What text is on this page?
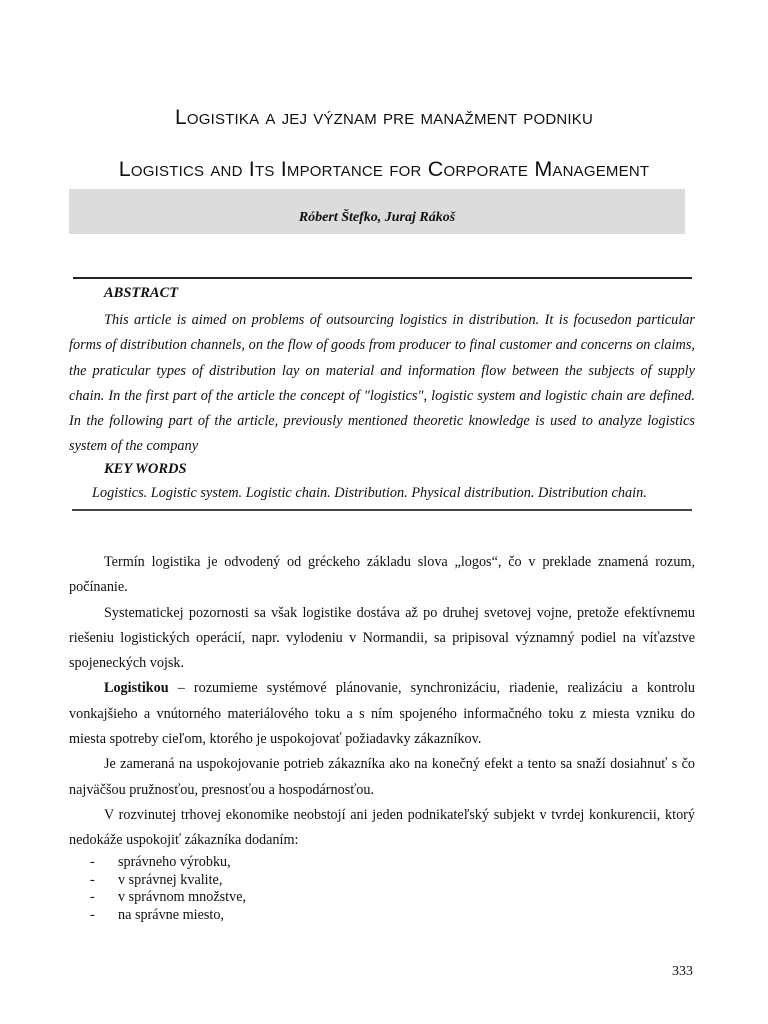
Logistika a jej význam pre manažment podniku
Logistics and Its Importance for Corporate Management
Róbert Štefko, Juraj Rákoš
ABSTRACT
This article is aimed on problems of outsourcing logistics in distribution. It is focusedon particular forms of distribution channels, on the flow of goods from producer to final customer and concerns on claims, the praticular types of distribution lay on material and information flow between the subjects of supply chain. In the first part of the article the concept of "logistics", logistic system and logistic chain are defined. In the following part of the article, previously mentioned theoretic knowledge is used to analyze logistics system of the company
KEY WORDS
Logistics. Logistic system. Logistic chain. Distribution. Physical distribution. Distribution chain.

Termín logistika je odvodený od gréckeho základu slova „logos“, čo v preklade znamená rozum, počínanie.

Systematickej pozornosti sa však logistike dostáva až po druhej svetovej vojne, pretože efektívnemu riešeniu logistických operácií, napr. vylodeniu v Normandii, sa pripisoval významný podiel na víťazstve spojeneckých vojsk.

Logistikou – rozumieme systémové plánovanie, synchronizáciu, riadenie, realizáciu a kontrolu vonkajšieho a vnútorného materiálového toku a s ním spojeného informačného toku z miesta vzniku do miesta spotreby cieľom, ktorého je uspokojovať požiadavky zákazníkov.

Je zameraná na uspokojovanie potrieb zákazníka ako na konečný efekt a tento sa snaží dosiahnuť s čo najväčšou pružnosťou, presnosťou a hospodárnosťou.

V rozvinutej trhovej ekonomike neobstojí ani jeden podnikateľský subjekt v tvrdej konkurencii, ktorý nedokáže uspokojiť zákazníka dodaním:

-	správneho výrobku,
-	v správnej kvalite,
-	v správnom množstve,
-	na správne miesto,
333
